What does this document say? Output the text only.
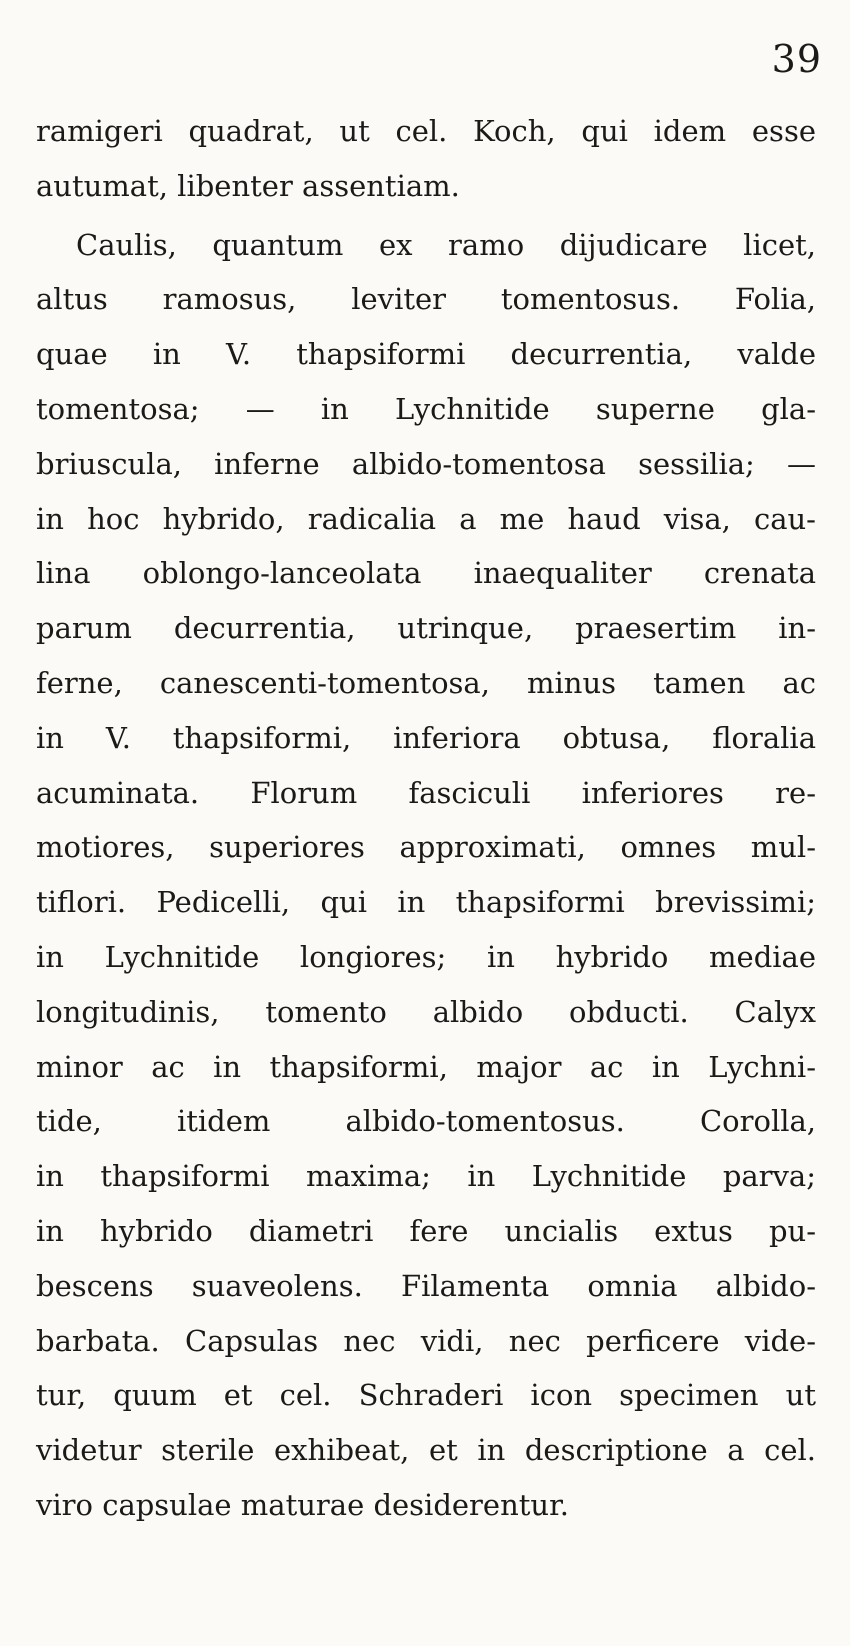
39
ramigeri quadrat, ut cel. Koch, qui idem esse
autumat, libenter assentiam.
Caulis, quantum ex ramo dijudicare licet,
altus ramosus, leviter tomentosus. Folia,
quae in V. thapsiformi decurrentia, valde
tomentosa; — in Lychnitide superne gla-
briuscula, inferne albido-tomentosa sessilia; —
in hoc hybrido, radicalia a me haud visa, cau-
lina oblongo-lanceolata inaequaliter crenata
parum decurrentia, utrinque, praesertim in-
ferne, canescenti-tomentosa, minus tamen ac
in V. thapsiformi, inferiora obtusa, floralia
acuminata. Florum fasciculi inferiores re-
motiores, superiores approximati, omnes mul-
tiflori. Pedicelli, qui in thapsiformi brevissimi;
in Lychnitide longiores; in hybrido mediae
longitudinis, tomento albido obducti. Calyx
minor ac in thapsiformi, major ac in Lychni-
tide, itidem albido-tomentosus. Corolla,
in thapsiformi maxima; in Lychnitide parva;
in hybrido diametri fere uncialis extus pu-
bescens suaveolens. Filamenta omnia albido-
barbata. Capsulas nec vidi, nec perficere vide-
tur, quum et cel. Schraderi icon specimen ut
videtur sterile exhibeat, et in descriptione a cel.
viro capsulae maturae desiderentur.
